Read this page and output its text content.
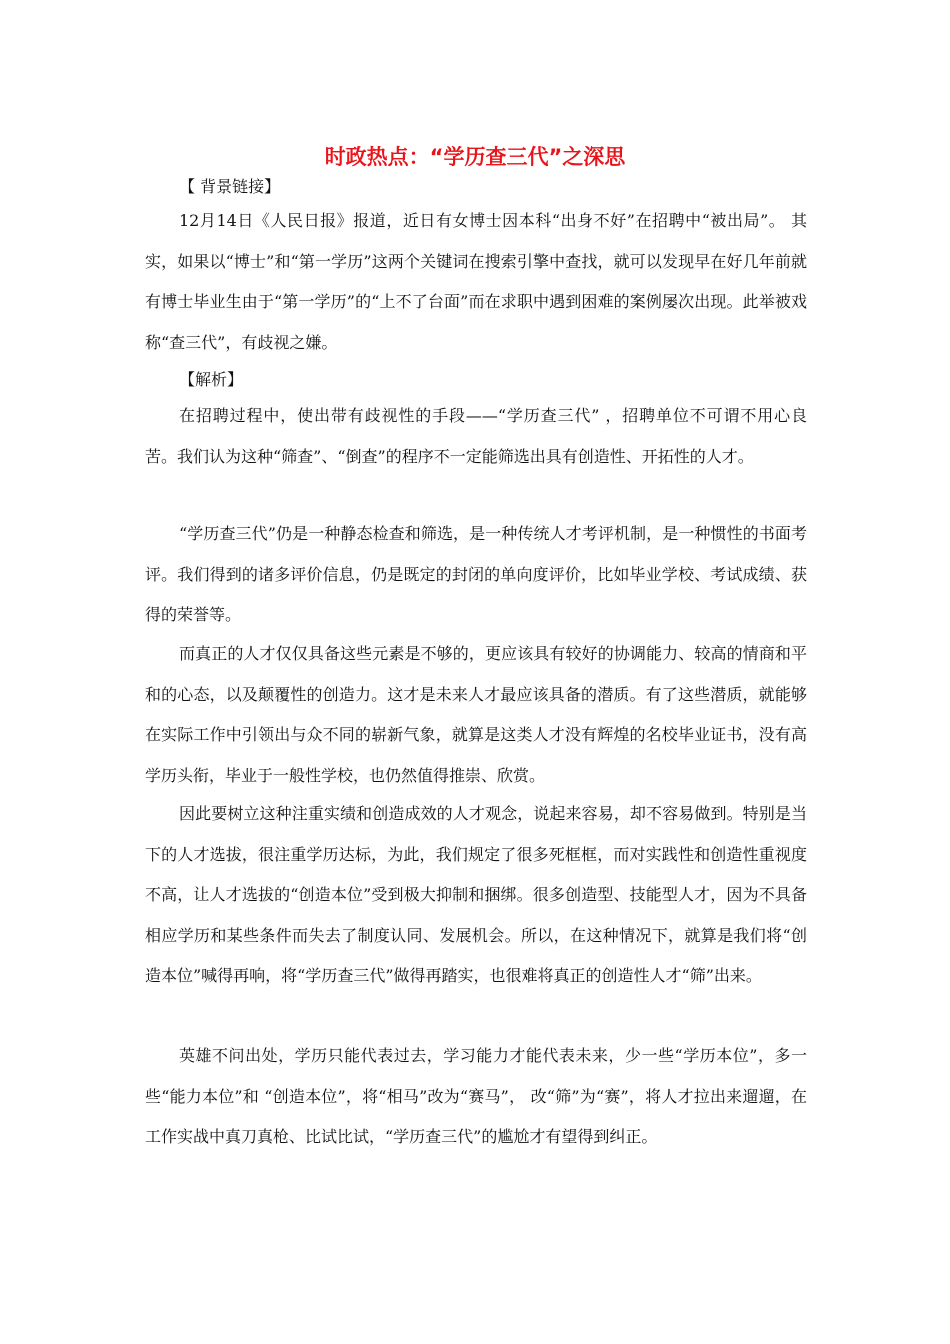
时政热点：“学历查三代”之深思
【 背景链接】

12月14日《人民日报》报道，近日有女博士因本科“出身不好”在招聘中“被出局”。 其实，如果以“博士”和“第一学历”这两个关键词在搜索引擎中查找，就可以发现早在好几年前就有博士毕业生由于“第一学历”的“上不了台面”而在求职中遇到困难的案例屡次出现。此举被戏称“查三代”，有歧视之嫌。

【解析】

在招聘过程中，使出带有歧视性的手段——“学历查三代” ，招聘单位不可谓不用心良苦。我们认为这种“筛查”、“倒查”的程序不一定能筛选出具有创造性、开拓性的人才。

“学历查三代”仍是一种静态检查和筛选，是一种传统人才考评机制，是一种惯性的书面考评。我们得到的诸多评价信息，仍是既定的封闭的单向度评价，比如毕业学校、考试成绩、获得的荣誉等。

而真正的人才仅仅具备这些元素是不够的，更应该具有较好的协调能力、较高的情商和平和的心态，以及颠覆性的创造力。这才是未来人才最应该具备的潜质。有了这些潜质，就能够在实际工作中引领出与众不同的崭新气象，就算是这类人才没有辉煌的名校毕业证书，没有高学历头衔，毕业于一般性学校，也仍然值得推崇、欣赏。

因此要树立这种注重实绩和创造成效的人才观念，说起来容易，却不容易做到。特别是当下的人才选拔，很注重学历达标，为此，我们规定了很多死框框，而对实践性和创造性重视度不高，让人才选拔的“创造本位”受到极大抑制和捆绑。很多创造型、技能型人才，因为不具备相应学历和某些条件而失去了制度认同、发展机会。所以，在这种情况下，就算是我们将“创造本位”喊得再响，将“学历查三代”做得再踏实，也很难将真正的创造性人才“筛”出来。

英雄不问出处，学历只能代表过去，学习能力才能代表未来，少一些“学历本位”，多一些“能力本位”和 “创造本位”，将“相马”改为“赛马”， 改“筛”为“赛”，将人才拉出来遛遛，在工作实战中真刀真枪、比试比试，“学历查三代”的尴尬才有望得到纠正。
